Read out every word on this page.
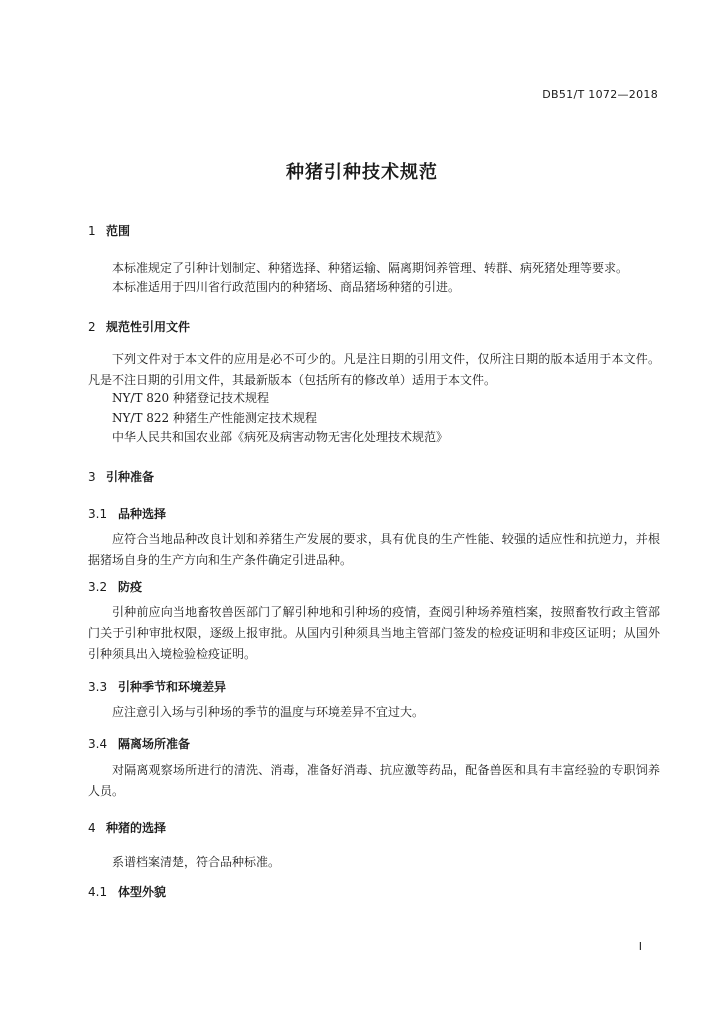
DB51/T 1072—2018
种猪引种技术规范
1 范围
本标准规定了引种计划制定、种猪选择、种猪运输、隔离期饲养管理、转群、病死猪处理等要求。
本标准适用于四川省行政范围内的种猪场、商品猪场种猪的引进。
2 规范性引用文件
下列文件对于本文件的应用是必不可少的。凡是注日期的引用文件，仅所注日期的版本适用于本文件。凡是不注日期的引用文件，其最新版本（包括所有的修改单）适用于本文件。
NY/T 820 种猪登记技术规程
NY/T 822 种猪生产性能测定技术规程
中华人民共和国农业部《病死及病害动物无害化处理技术规范》
3 引种准备
3.1 品种选择
应符合当地品种改良计划和养猪生产发展的要求，具有优良的生产性能、较强的适应性和抗逆力，并根据猪场自身的生产方向和生产条件确定引进品种。
3.2 防疫
引种前应向当地畜牧兽医部门了解引种地和引种场的疫情，查阅引种场养殖档案，按照畜牧行政主管部门关于引种审批权限，逐级上报审批。从国内引种须具当地主管部门签发的检疫证明和非疫区证明；从国外引种须具出入境检验检疫证明。
3.3 引种季节和环境差异
应注意引入场与引种场的季节的温度与环境差异不宜过大。
3.4 隔离场所准备
对隔离观察场所进行的清洗、消毒，准备好消毒、抗应激等药品，配备兽医和具有丰富经验的专职饲养人员。
4 种猪的选择
系谱档案清楚，符合品种标准。
4.1 体型外貌
I
